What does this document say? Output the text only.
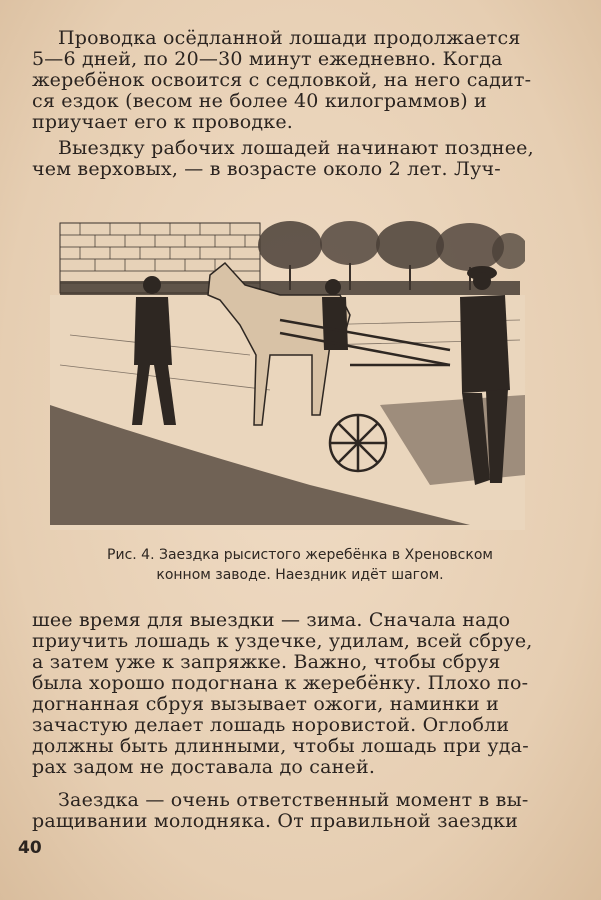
Проводка осёдланной лошади продолжается
5—6 дней, по 20—30 минут ежедневно. Когда
жеребёнок освоится с седловкой, на него садит-
ся ездок (весом не более 40 килограммов) и
приучает его к проводке.
Выездку рабочих лошадей начинают позднее,
чем верховых, — в возрасте около 2 лет. Луч-
Рис. 4. Заездка рысистого жеребёнка в Хреновском
конном заводе. Наездник идёт шагом.
шее время для выездки — зима. Сначала надо
приучить лошадь к уздечке, удилам, всей сбруе,
а затем уже к запряжке. Важно, чтобы сбруя
была хорошо подогнана к жеребёнку. Плохо по-
догнанная сбруя вызывает ожоги, наминки и
зачастую делает лошадь норовистой. Оглобли
должны быть длинными, чтобы лошадь при уда-
рах задом не доставала до саней.
Заездка — очень ответственный момент в вы-
ращивании молодняка. От правильной заездки
40
